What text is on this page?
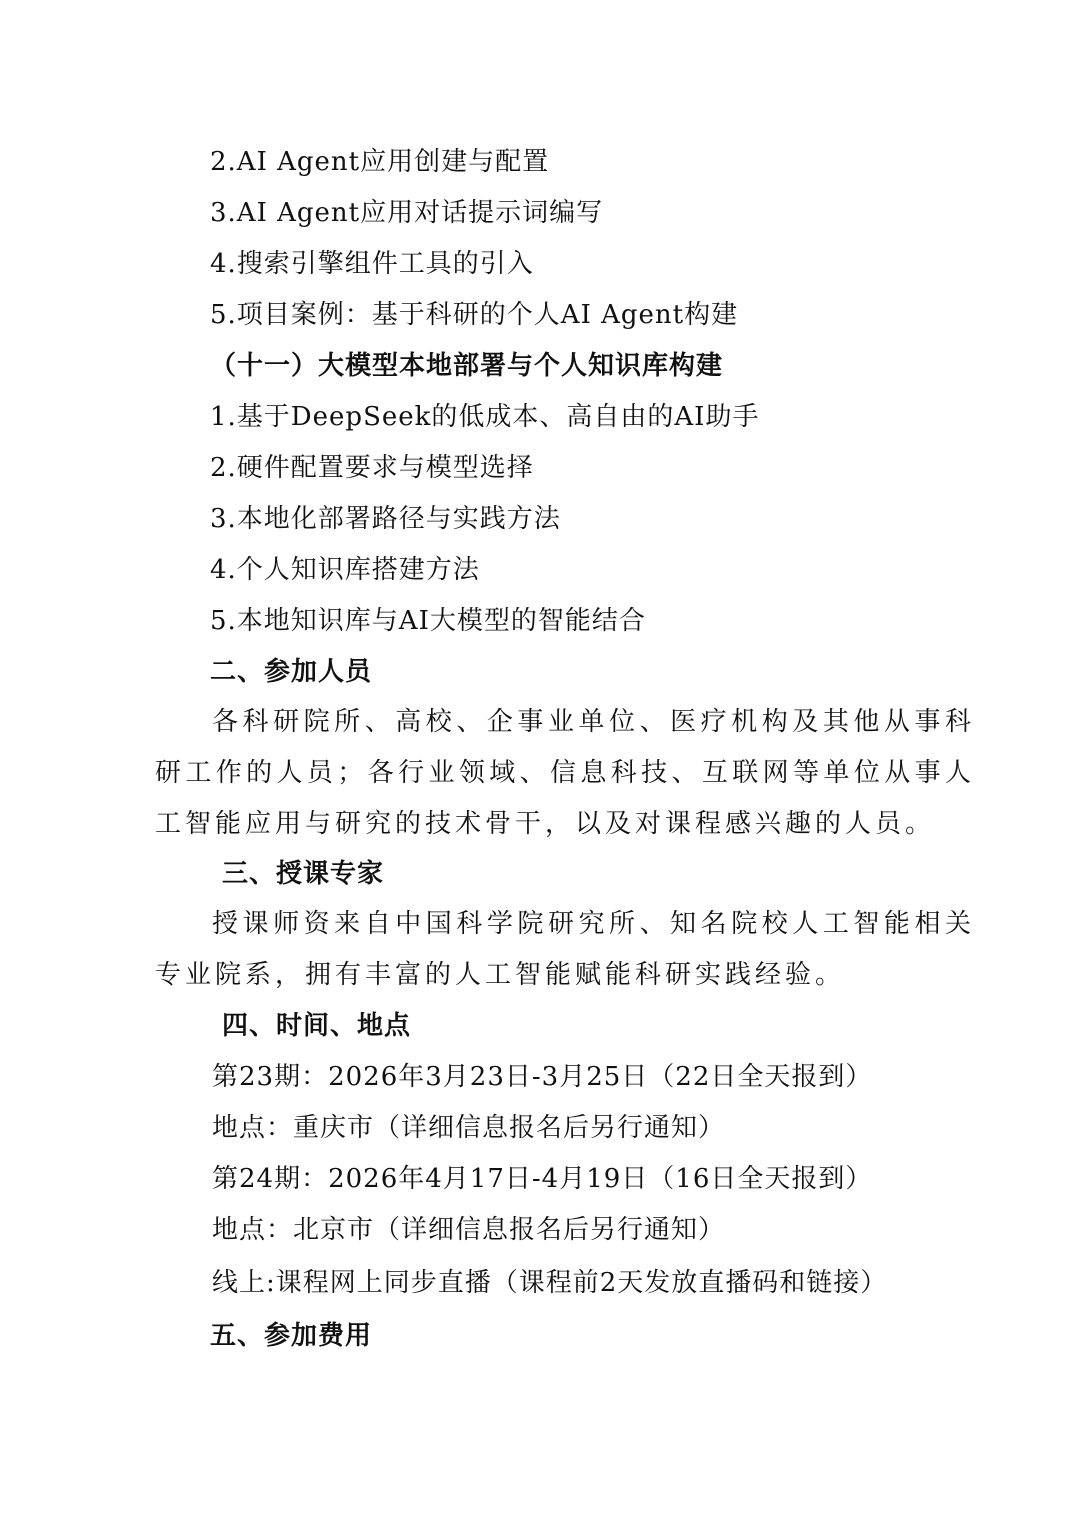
2.AI Agent应用创建与配置
3.AI Agent应用对话提示词编写
4.搜索引擎组件工具的引入
5.项目案例：基于科研的个人AI Agent构建
（十一）大模型本地部署与个人知识库构建
1.基于DeepSeek的低成本、高自由的AI助手
2.硬件配置要求与模型选择
3.本地化部署路径与实践方法
4.个人知识库搭建方法
5.本地知识库与AI大模型的智能结合
二、参加人员
各科研院所、高校、企事业单位、医疗机构及其他从事科研工作的人员；各行业领域、信息科技、互联网等单位从事人工智能应用与研究的技术骨干，以及对课程感兴趣的人员。
三、授课专家
授课师资来自中国科学院研究所、知名院校人工智能相关专业院系，拥有丰富的人工智能赋能科研实践经验。
四、时间、地点
第23期：2026年3月23日-3月25日（22日全天报到）
地点：重庆市（详细信息报名后另行通知）
第24期：2026年4月17日-4月19日（16日全天报到）
地点：北京市（详细信息报名后另行通知）
线上:课程网上同步直播（课程前2天发放直播码和链接）
五、参加费用
